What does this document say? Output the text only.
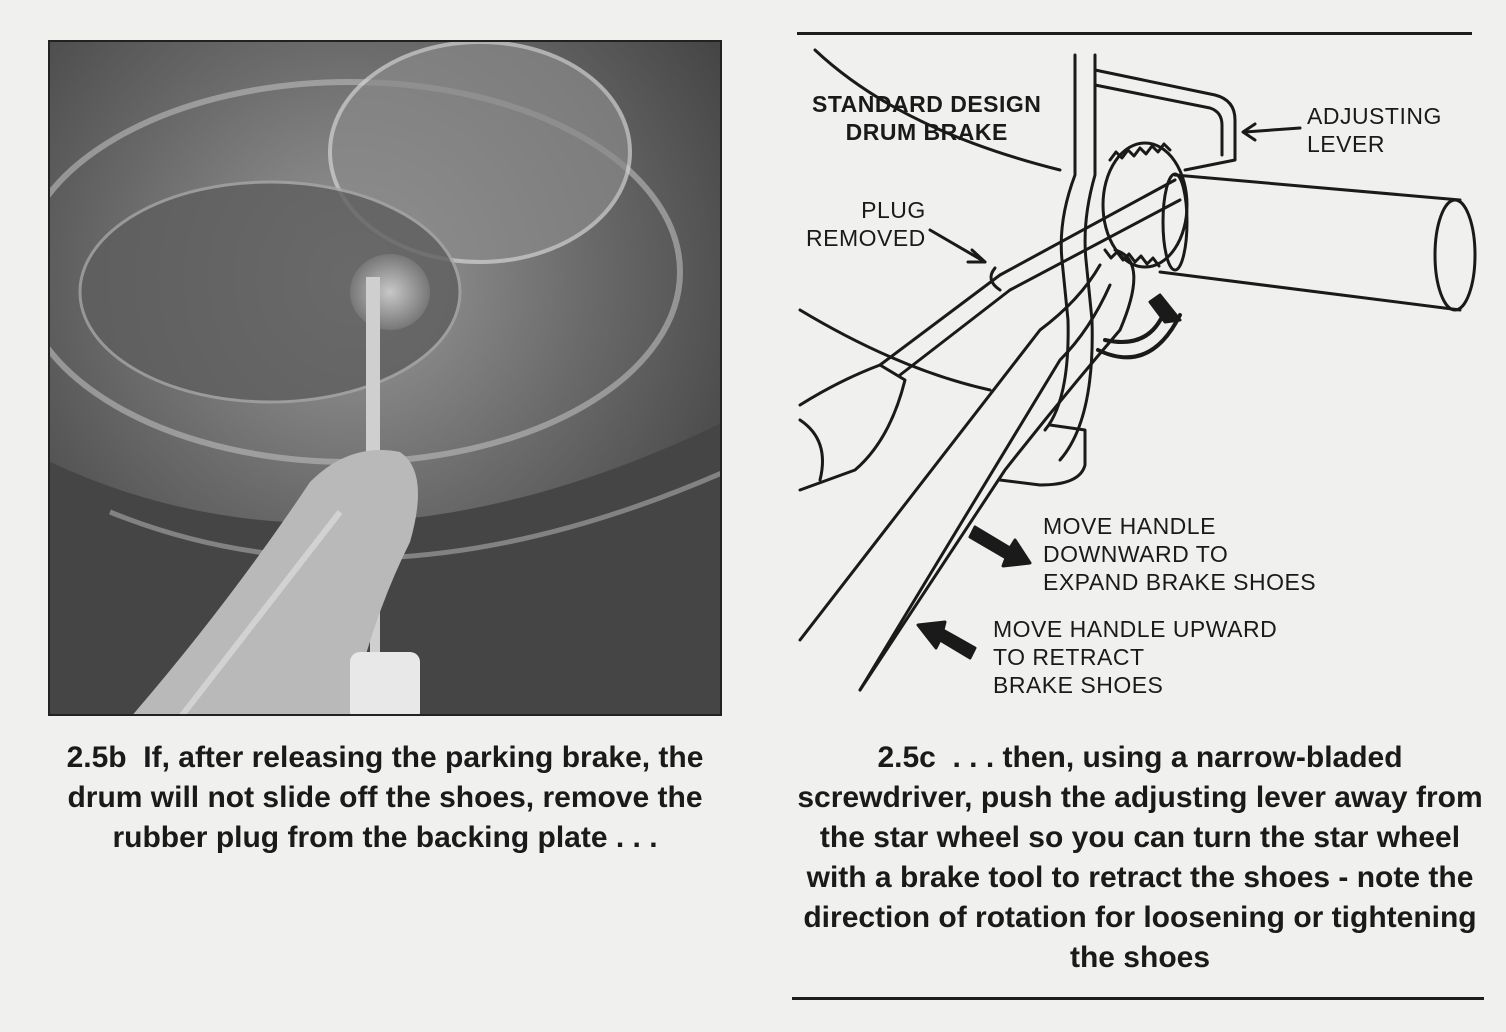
2.5b If, after releasing the parking brake, the drum will not slide off the shoes, remove the rubber plug from the backing plate . . .
STANDARD DESIGN
DRUM BRAKE
ADJUSTING
LEVER
PLUG
REMOVED
MOVE HANDLE
DOWNWARD TO
EXPAND BRAKE SHOES
MOVE HANDLE UPWARD
TO RETRACT
BRAKE SHOES
2.5c . . . then, using a narrow-bladed screwdriver, push the adjusting lever away from the star wheel so you can turn the star wheel with a brake tool to retract the shoes - note the direction of rotation for loosening or tightening the shoes
